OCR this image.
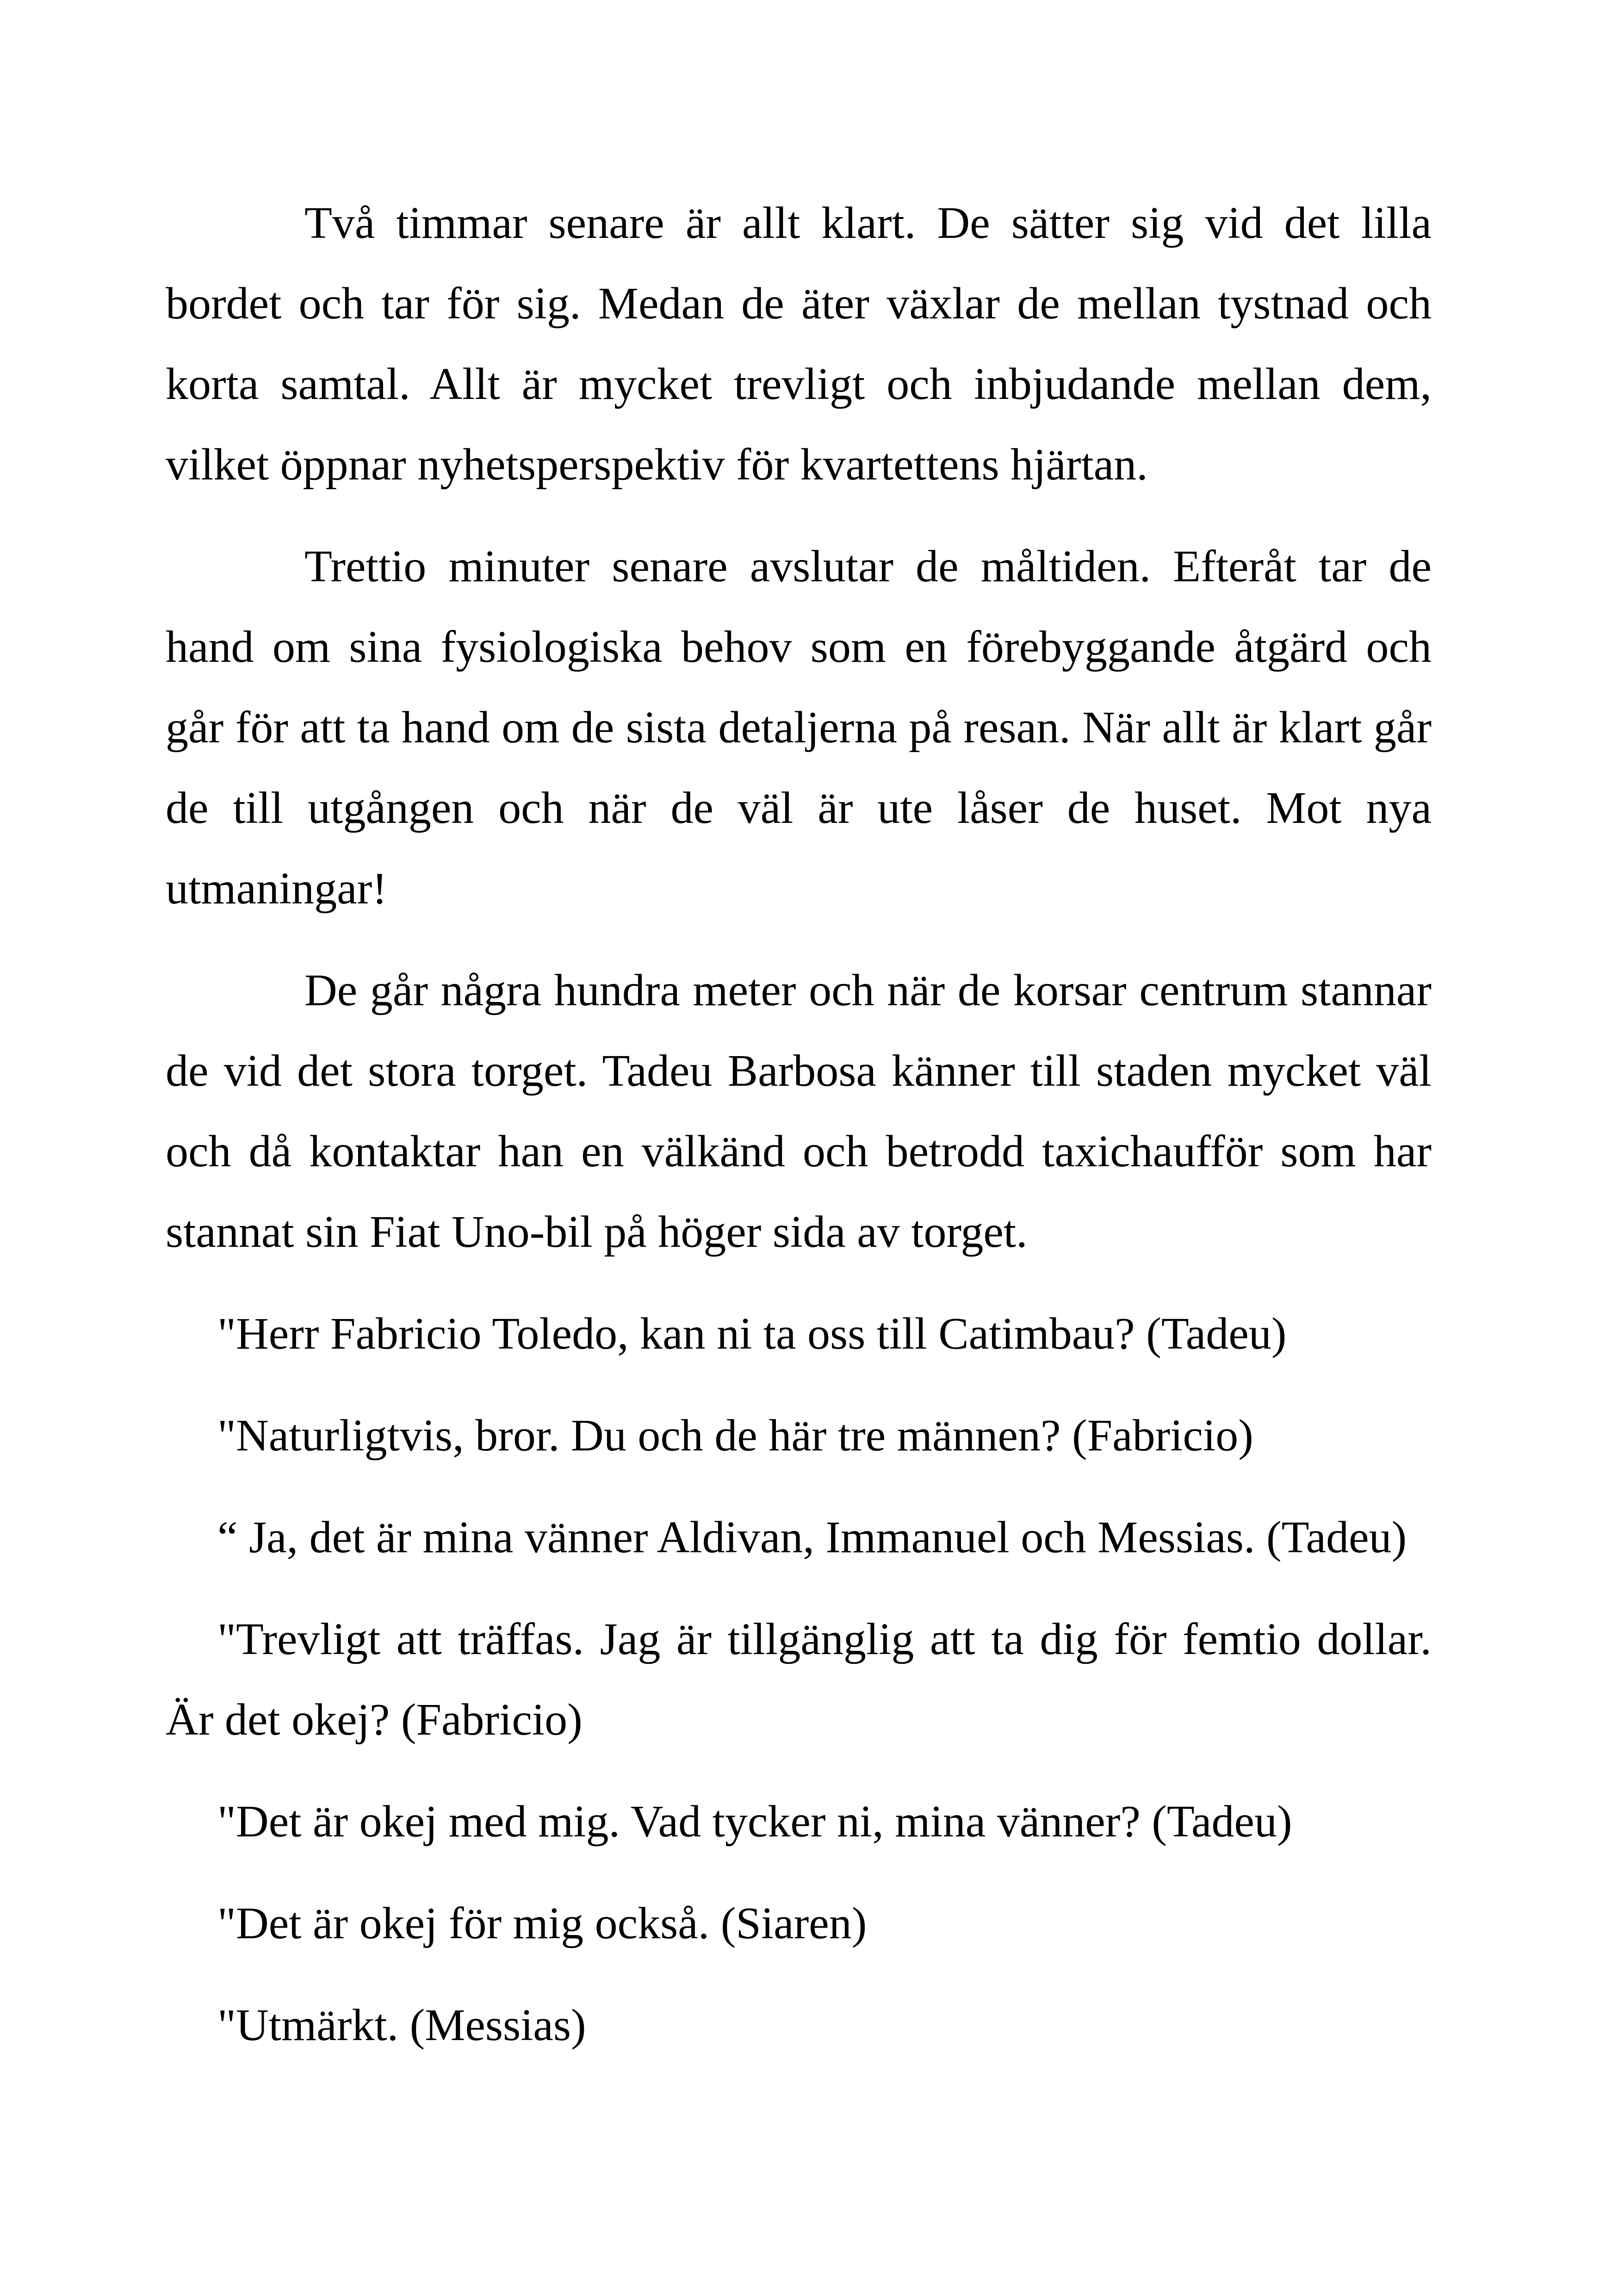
Två timmar senare är allt klart. De sätter sig vid det lilla bordet och tar för sig. Medan de äter växlar de mellan tystnad och korta samtal. Allt är mycket trevligt och inbjudande mellan dem, vilket öppnar nyhetsperspektiv för kvartettens hjärtan.

Trettio minuter senare avslutar de måltiden. Efteråt tar de hand om sina fysiologiska behov som en förebyggande åtgärd och går för att ta hand om de sista detaljerna på resan. När allt är klart går de till utgången och när de väl är ute låser de huset. Mot nya utmaningar!

De går några hundra meter och när de korsar centrum stannar de vid det stora torget. Tadeu Barbosa känner till staden mycket väl och då kontaktar han en välkänd och betrodd taxichaufför som har stannat sin Fiat Uno-bil på höger sida av torget.

"Herr Fabricio Toledo, kan ni ta oss till Catimbau? (Tadeu)

"Naturligtvis, bror. Du och de här tre männen? (Fabricio)

“ Ja, det är mina vänner Aldivan, Immanuel och Messias. (Tadeu)

"Trevligt att träffas. Jag är tillgänglig att ta dig för femtio dollar. Är det okej? (Fabricio)

"Det är okej med mig. Vad tycker ni, mina vänner? (Tadeu)

"Det är okej för mig också. (Siaren)

"Utmärkt. (Messias)
